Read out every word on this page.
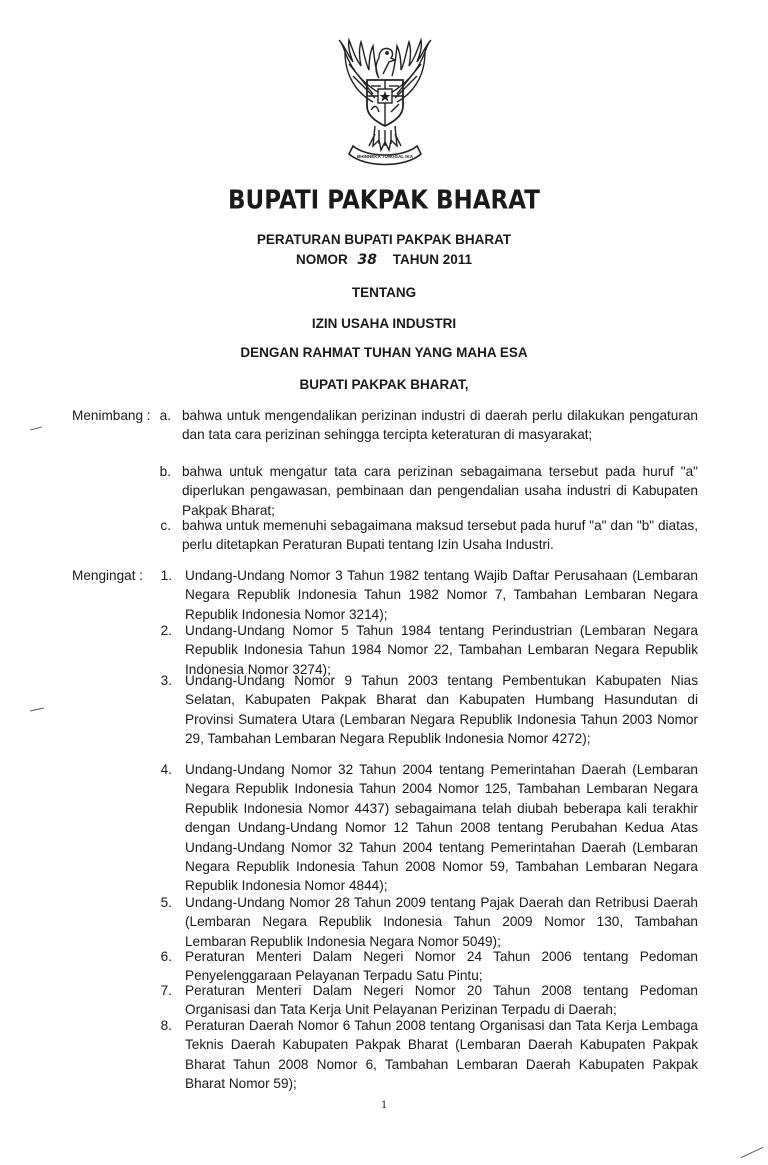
BHINNEKA TUNGGAL IKA
BUPATI PAKPAK BHARAT
PERATURAN BUPATI PAKPAK BHARAT
NOMOR 38 TAHUN 2011
TENTANG
IZIN USAHA INDUSTRI
DENGAN RAHMAT TUHAN YANG MAHA ESA
BUPATI PAKPAK BHARAT,
Menimbang : a. bahwa untuk mengendalikan perizinan industri di daerah perlu dilakukan pengaturan dan tata cara perizinan sehingga tercipta keteraturan di masyarakat;
b. bahwa untuk mengatur tata cara perizinan sebagaimana tersebut pada huruf "a" diperlukan pengawasan, pembinaan dan pengendalian usaha industri di Kabupaten Pakpak Bharat;
c. bahwa untuk memenuhi sebagaimana maksud tersebut pada huruf "a" dan "b" diatas, perlu ditetapkan Peraturan Bupati tentang Izin Usaha Industri.
Mengingat : 1. Undang-Undang Nomor 3 Tahun 1982 tentang Wajib Daftar Perusahaan (Lembaran Negara Republik Indonesia Tahun 1982 Nomor 7, Tambahan Lembaran Negara Republik Indonesia Nomor 3214);
2. Undang-Undang Nomor 5 Tahun 1984 tentang Perindustrian (Lembaran Negara Republik Indonesia Tahun 1984 Nomor 22, Tambahan Lembaran Negara Republik Indonesia Nomor 3274);
3. Undang-Undang Nomor 9 Tahun 2003 tentang Pembentukan Kabupaten Nias Selatan, Kabupaten Pakpak Bharat dan Kabupaten Humbang Hasundutan di Provinsi Sumatera Utara (Lembaran Negara Republik Indonesia Tahun 2003 Nomor 29, Tambahan Lembaran Negara Republik Indonesia Nomor 4272);
4. Undang-Undang Nomor 32 Tahun 2004 tentang Pemerintahan Daerah (Lembaran Negara Republik Indonesia Tahun 2004 Nomor 125, Tambahan Lembaran Negara Republik Indonesia Nomor 4437) sebagaimana telah diubah beberapa kali terakhir dengan Undang-Undang Nomor 12 Tahun 2008 tentang Perubahan Kedua Atas Undang-Undang Nomor 32 Tahun 2004 tentang Pemerintahan Daerah (Lembaran Negara Republik Indonesia Tahun 2008 Nomor 59, Tambahan Lembaran Negara Republik Indonesia Nomor 4844);
5. Undang-Undang Nomor 28 Tahun 2009 tentang Pajak Daerah dan Retribusi Daerah (Lembaran Negara Republik Indonesia Tahun 2009 Nomor 130, Tambahan Lembaran Republik Indonesia Negara Nomor 5049);
6. Peraturan Menteri Dalam Negeri Nomor 24 Tahun 2006 tentang Pedoman Penyelenggaraan Pelayanan Terpadu Satu Pintu;
7. Peraturan Menteri Dalam Negeri Nomor 20 Tahun 2008 tentang Pedoman Organisasi dan Tata Kerja Unit Pelayanan Perizinan Terpadu di Daerah;
8. Peraturan Daerah Nomor 6 Tahun 2008 tentang Organisasi dan Tata Kerja Lembaga Teknis Daerah Kabupaten Pakpak Bharat (Lembaran Daerah Kabupaten Pakpak Bharat Tahun 2008 Nomor 6, Tambahan Lembaran Daerah Kabupaten Pakpak Bharat Nomor 59);
1
